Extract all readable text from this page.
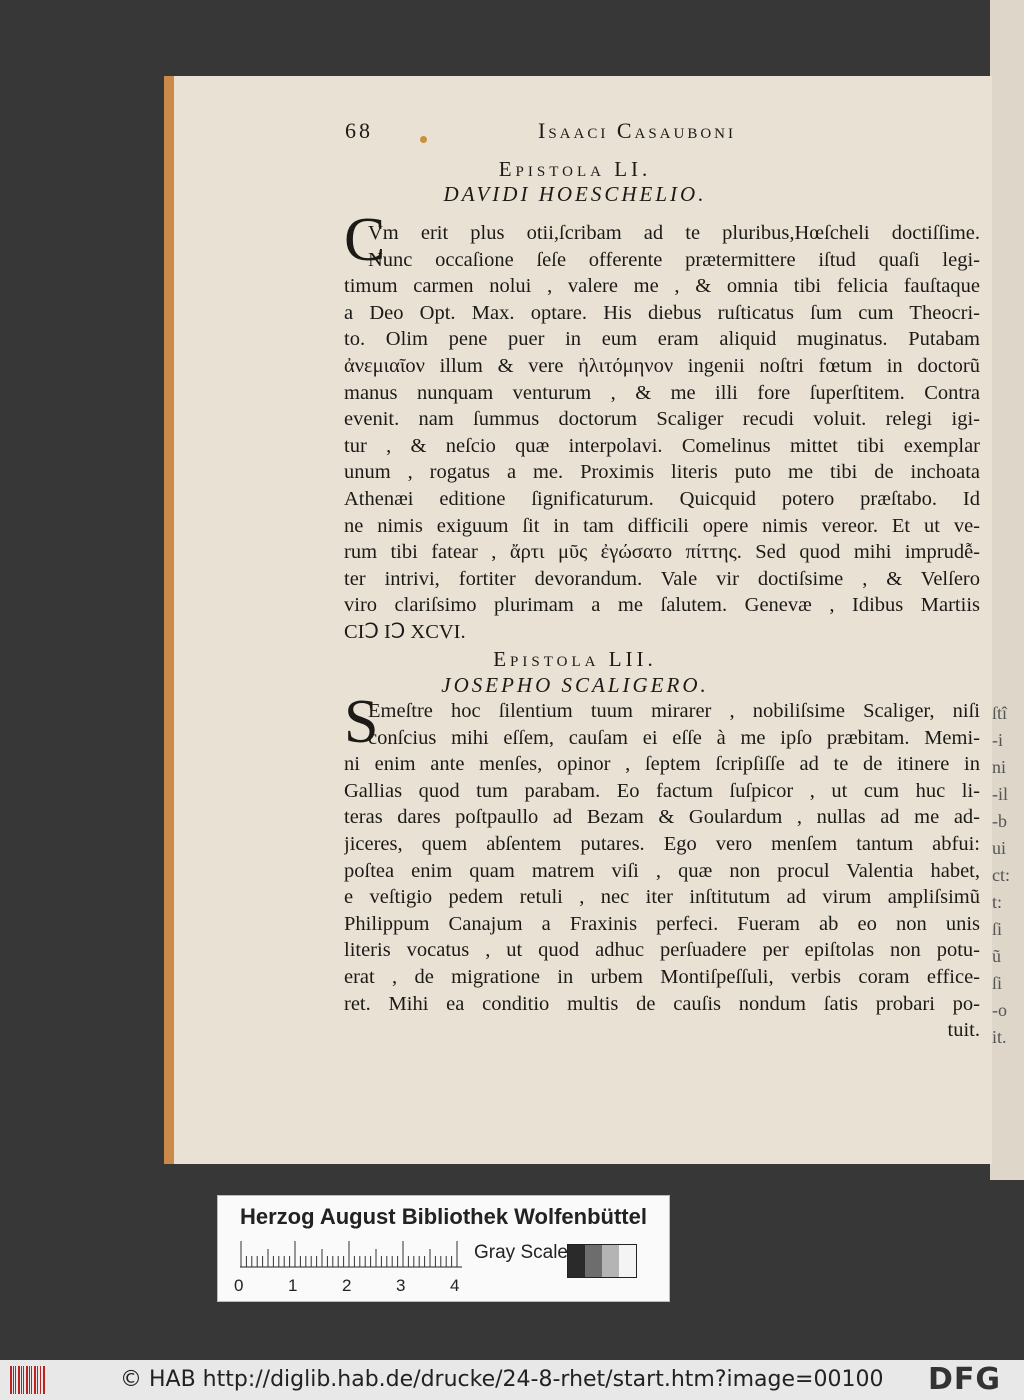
ſtî
-i
ni
-il
-b
ui
ct:
t:
ſi
ũ
ſi
-o
it.
68	Isaaci Casauboni
Epistola LI.
DAVIDI HOESCHELIO.
C
Vm erit plus otii,ſcribam ad te pluribus,Hœſcheli doctiſſime.
Nunc occaſione ſeſe offerente prætermittere iſtud quaſi legi-
timum carmen nolui , valere me , & omnia tibi felicia fauſtaque
a Deo Opt. Max. optare. His diebus ruſticatus ſum cum Theocri-
to. Olim pene puer in eum eram aliquid muginatus. Putabam
ἀνεμιαῖον illum & vere ἠλιτόμηνον ingenii noſtri fœtum in doctorũ
manus nunquam venturum , & me illi fore ſuperſtitem. Contra
evenit. nam ſummus doctorum Scaliger recudi voluit. relegi igi-
tur , & neſcio quæ interpolavi. Comelinus mittet tibi exemplar
unum , rogatus a me. Proximis literis puto me tibi de inchoata
Athenæi editione ſignificaturum. Quicquid potero præſtabo. Id
ne nimis exiguum ſit in tam difficili opere nimis vereor. Et ut ve-
rum tibi fatear , ἄρτι μῦς ἐγώσατο πίττης. Sed quod mihi imprudễ-
ter intrivi, fortiter devorandum. Vale vir doctiſsime , & Velſero
viro clariſsimo plurimam a me ſalutem. Genevæ , Idibus Martiis
CIↃ IↃ XCVI.
Epistola LII.
JOSEPHO SCALIGERO.
S
Emeſtre hoc ſilentium tuum mirarer , nobiliſsime Scaliger, niſi
conſcius mihi eſſem, cauſam ei eſſe à me ipſo præbitam. Memi-
ni enim ante menſes, opinor , ſeptem ſcripſiſſe ad te de itinere in
Gallias quod tum parabam. Eo factum ſuſpicor , ut cum huc li-
teras dares poſtpaullo ad Bezam & Goulardum , nullas ad me ad-
jiceres, quem abſentem putares. Ego vero menſem tantum abfui:
poſtea enim quam matrem viſi , quæ non procul Valentia habet,
e veſtigio pedem retuli , nec iter inſtitutum ad virum ampliſsimũ
Philippum Canajum a Fraxinis perfeci. Fueram ab eo non unis
literis vocatus , ut quod adhuc perſuadere per epiſtolas non potu-
erat , de migratione in urbem Montiſpeſſuli, verbis coram effice-
ret. Mihi ea conditio multis de cauſis nondum ſatis probari po-
tuit.
Herzog August Bibliothek Wolfenbüttel
0	1	2	3	4
Gray Scale
© HAB http://diglib.hab.de/drucke/24-8-rhet/start.htm?image=00100 DFG
